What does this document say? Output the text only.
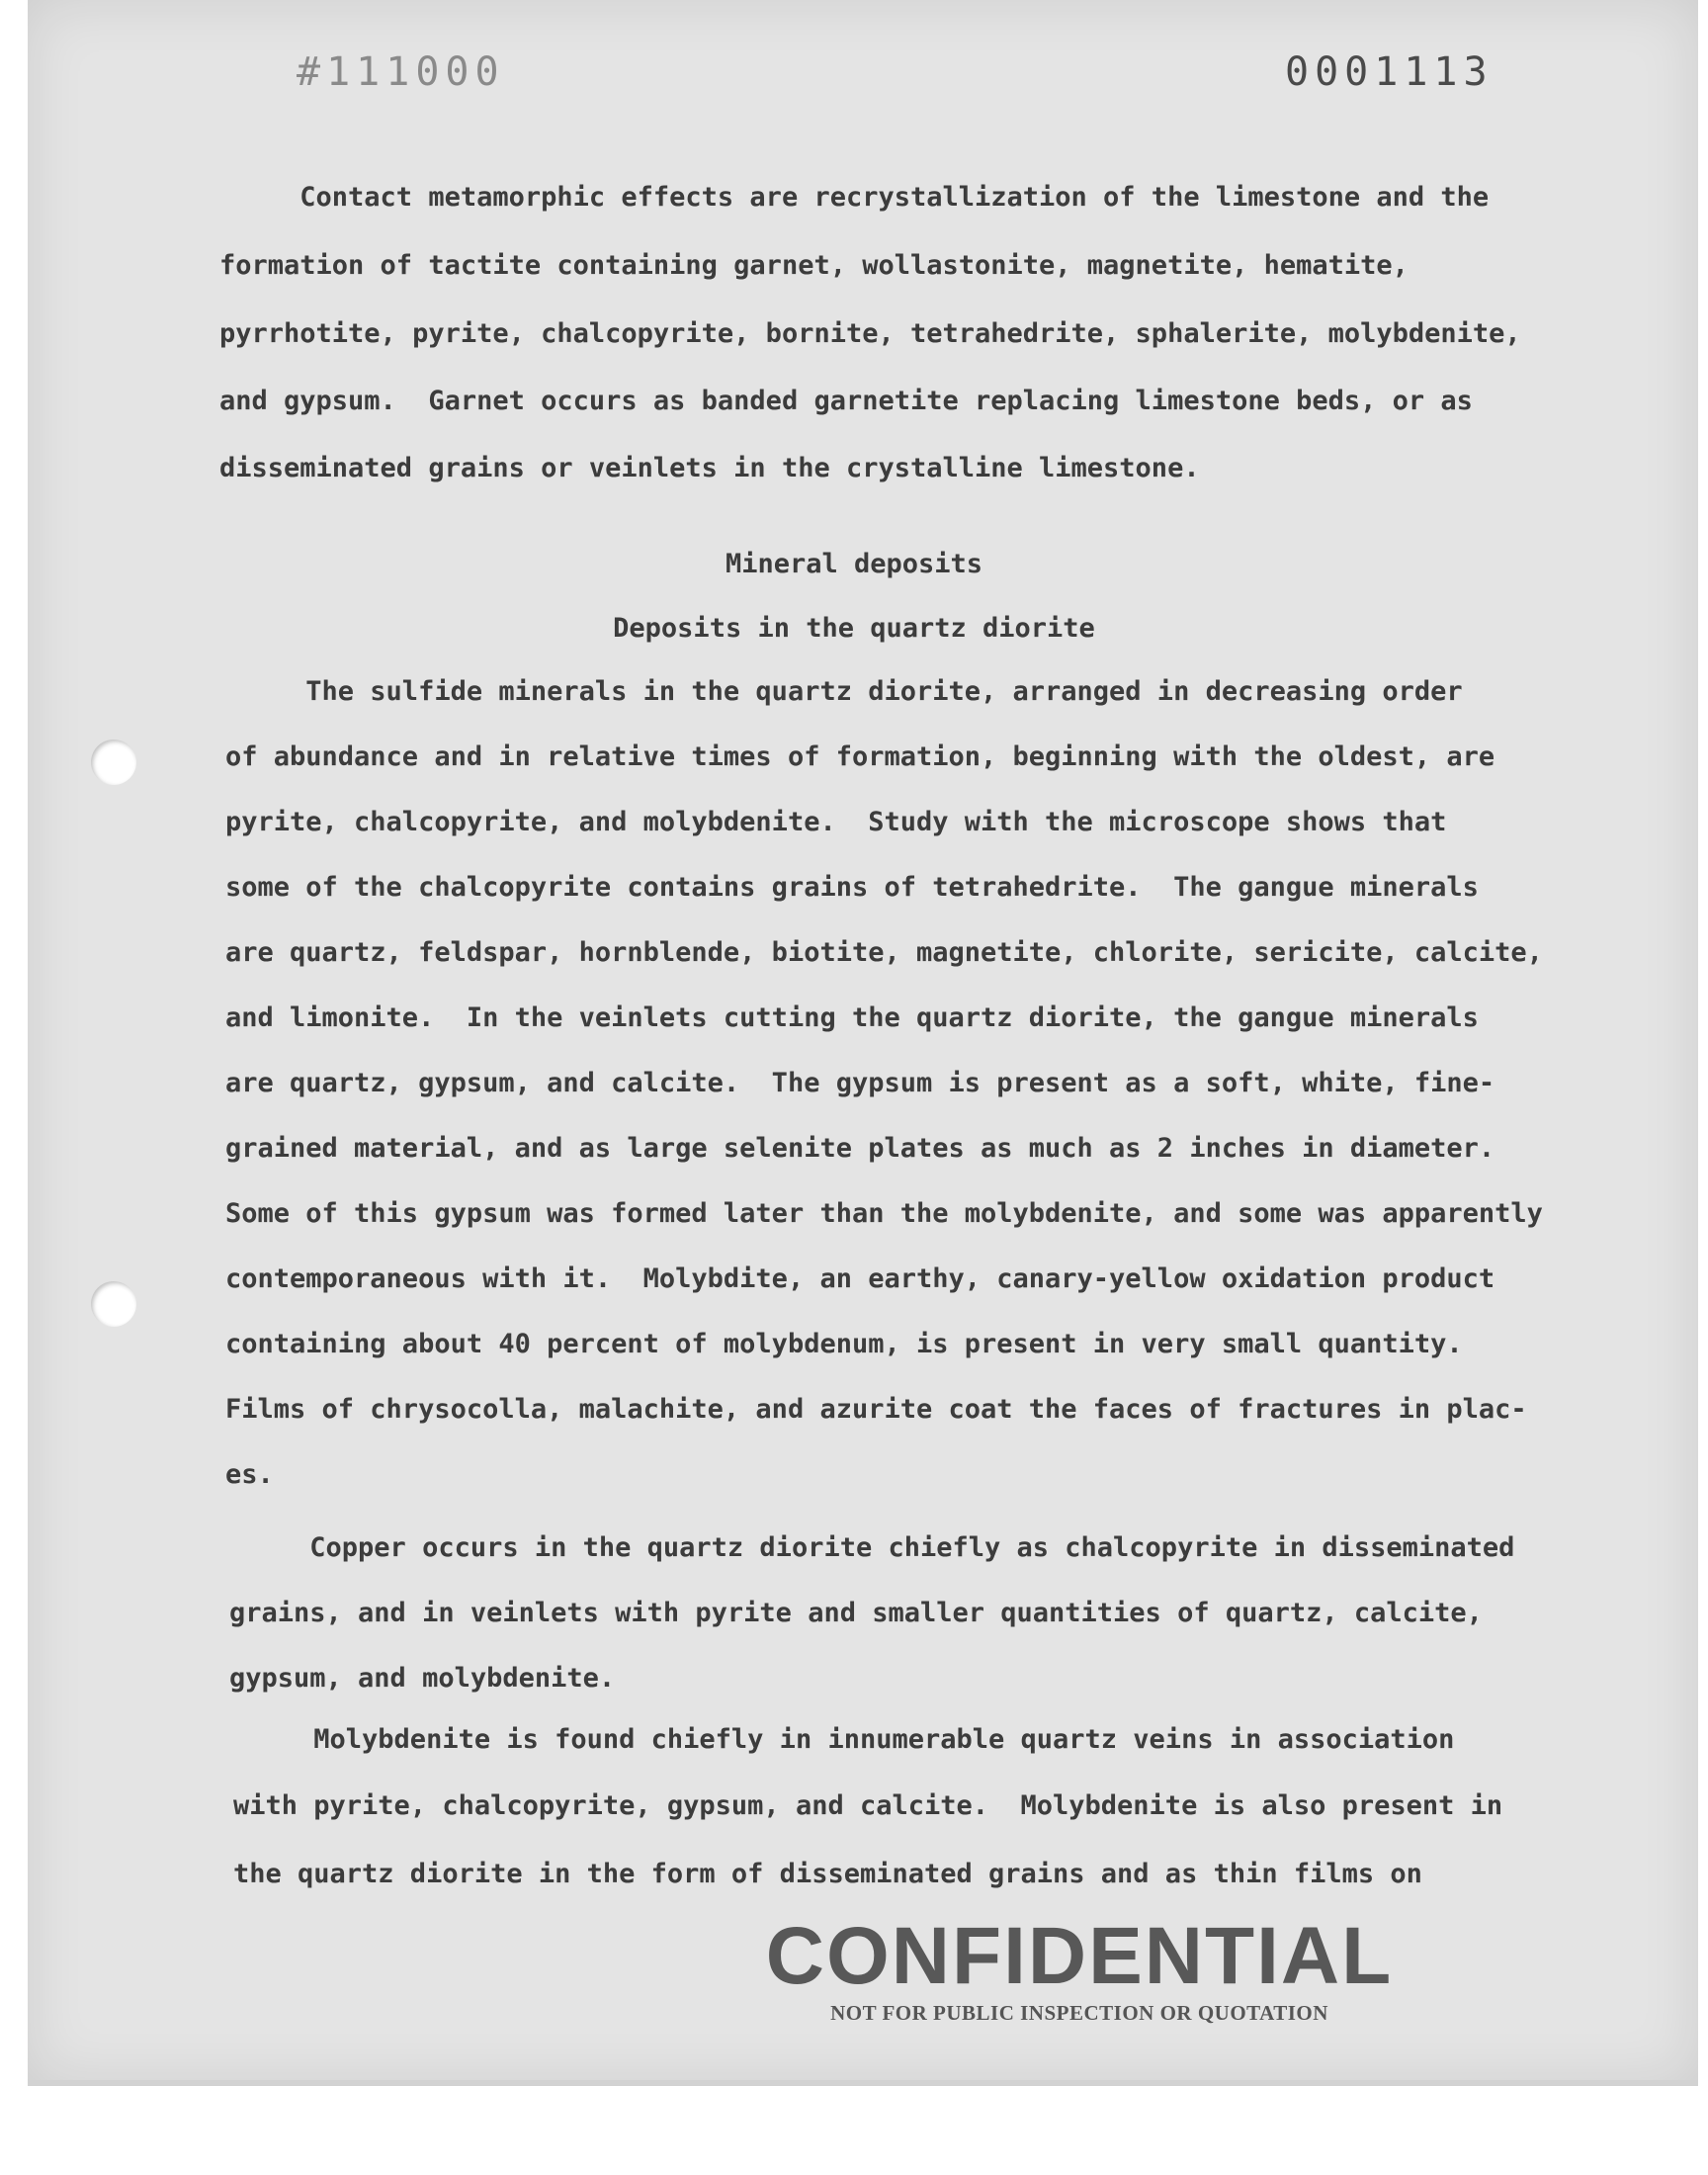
#111000	0001113
Contact metamorphic effects are recrystallization of the limestone and the
formation of tactite containing garnet, wollastonite, magnetite, hematite,
pyrrhotite, pyrite, chalcopyrite, bornite, tetrahedrite, sphalerite, molybdenite,
and gypsum.  Garnet occurs as banded garnetite replacing limestone beds, or as
disseminated grains or veinlets in the crystalline limestone.
Mineral deposits
Deposits in the quartz diorite
The sulfide minerals in the quartz diorite, arranged in decreasing order
of abundance and in relative times of formation, beginning with the oldest, are
pyrite, chalcopyrite, and molybdenite.  Study with the microscope shows that
some of the chalcopyrite contains grains of tetrahedrite.  The gangue minerals
are quartz, feldspar, hornblende, biotite, magnetite, chlorite, sericite, calcite,
and limonite.  In the veinlets cutting the quartz diorite, the gangue minerals
are quartz, gypsum, and calcite.  The gypsum is present as a soft, white, fine-
grained material, and as large selenite plates as much as 2 inches in diameter.
Some of this gypsum was formed later than the molybdenite, and some was apparently
contemporaneous with it.  Molybdite, an earthy, canary-yellow oxidation product
containing about 40 percent of molybdenum, is present in very small quantity.
Films of chrysocolla, malachite, and azurite coat the faces of fractures in plac-
es.
Copper occurs in the quartz diorite chiefly as chalcopyrite in disseminated
grains, and in veinlets with pyrite and smaller quantities of quartz, calcite,
gypsum, and molybdenite.
Molybdenite is found chiefly in innumerable quartz veins in association
with pyrite, chalcopyrite, gypsum, and calcite.  Molybdenite is also present in
the quartz diorite in the form of disseminated grains and as thin films on
CONFIDENTIAL
NOT FOR PUBLIC INSPECTION OR QUOTATION
